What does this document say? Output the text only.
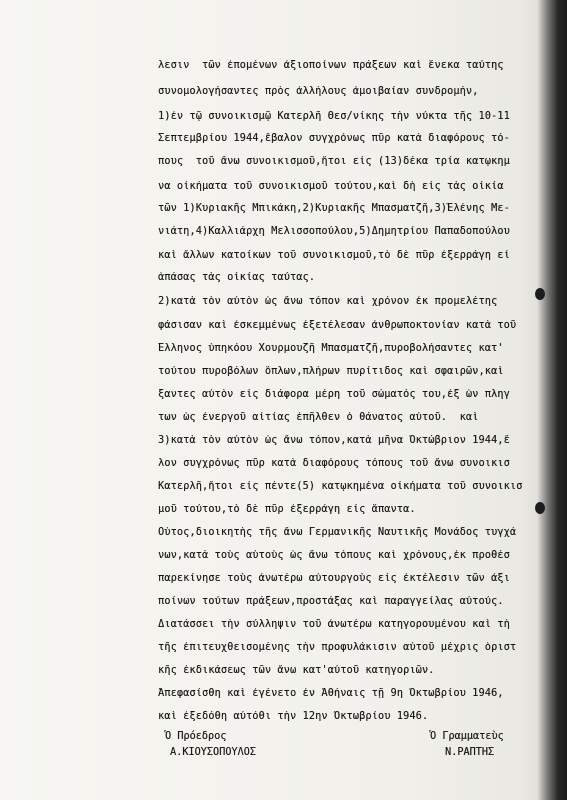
λεσιν  τῶν ἐπομένων ἀξιοποίνων πράξεων καὶ ἕνεκα ταύτης
συνομολογήσαντες πρὸς ἀλλήλους ἀμοιβαίαν συνδρομήν,
1)ἐν τῷ συνοικισμῷ Κατερλῆ Θεσ/νίκης τὴν νύκτα τῆς 10-11
Σεπτεμβρίου 1944,ἔβαλον συγχρόνως πῦρ κατὰ διαφόρους τό-
πους  τοῦ ἄνω συνοικισμοῦ,ἤτοι εἰς (13)δέκα τρία κατῳκημ
να οἰκήματα τοῦ συνοικισμοῦ τούτου,καὶ δὴ εἰς τὰς οἰκία
τῶν 1)Κυριακῆς Μπικάκη,2)Κυριακῆς Μπασματζῆ,3)Ἑλένης Με-
νιάτη,4)Καλλιάρχη Μελισσοπούλου,5)Δημητρίου Παπαδοπούλου
καὶ ἄλλων κατοίκων τοῦ συνοικισμοῦ,τὸ δὲ πῦρ ἐξερράγη εἰ
ἁπάσας τὰς οἰκίας ταύτας.
2)κατὰ τὸν αὐτὸν ὡς ἄνω τόπον καὶ χρόνον ἐκ προμελέτης
φάσισαν καὶ ἐσκεμμένως ἐξετέλεσαν ἀνθρωποκτονίαν κατὰ τοῦ
Ἕλληνος ὑπηκόου Χουρμουζῆ Μπασματζῆ,πυροβολήσαντες κατ'
τούτου πυροβόλων ὅπλων,πλήρων πυρίτιδος καὶ σφαιρῶν,καὶ
ξαντες αὐτὸν εἰς διάφορα μέρη τοῦ σώματός του,ἐξ ὧν πληγ
των ὡς ἐνεργοῦ αἰτίας ἐπῆλθεν ὁ θάνατος αὐτοῦ.  καὶ
3)κατὰ τὸν αὐτὸν ὡς ἄνω τόπον,κατὰ μῆνα Ὀκτώβριον 1944,ἔ
λον συγχρόνως πῦρ κατὰ διαφόρους τόπους τοῦ ἄνω συνοικισ
Κατερλῆ,ἤτοι εἰς πέντε(5) κατῳκημένα οἰκήματα τοῦ συνοικισ
μοῦ τούτου,τὸ δὲ πῦρ ἐξερράγη εἰς ἅπαντα.
Οὗτος,διοικητὴς τῆς ἄνω Γερμανικῆς Ναυτικῆς Μονάδος τυγχά
νων,κατὰ τοὺς αὐτοὺς ὡς ἄνω τόπους καὶ χρόνους,ἐκ προθέσ
παρεκίνησε τοὺς ἀνωτέρω αὐτουργοὺς εἰς ἐκτέλεσιν τῶν ἀξι
ποίνων τούτων πράξεων,προστάξας καὶ παραγγείλας αὐτούς.
Διατάσσει τὴν σύλληψιν τοῦ ἀνωτέρω κατηγορουμένου καὶ τὴ
τῆς ἐπιτευχθεισομένης τὴν προφυλάκισιν αὐτοῦ μέχρις ὁριστ
κῆς ἐκδικάσεως τῶν ἄνω κατ'αὐτοῦ κατηγοριῶν.
Ἀπεφασίσθη καὶ ἐγένετο ἐν Ἀθήναις τῇ 9η Ὀκτωβρίου 1946,
καὶ ἐξεδόθη αὐτόθι τὴν 12ην Ὀκτωβρίου 1946.
Ὁ Πρόεδρος
Α.ΚΙΟΥΣΟΠΟΥΛΟΣ
Ὁ Γραμματεὺς
Ν.ΡΑΠΤΗΣ
